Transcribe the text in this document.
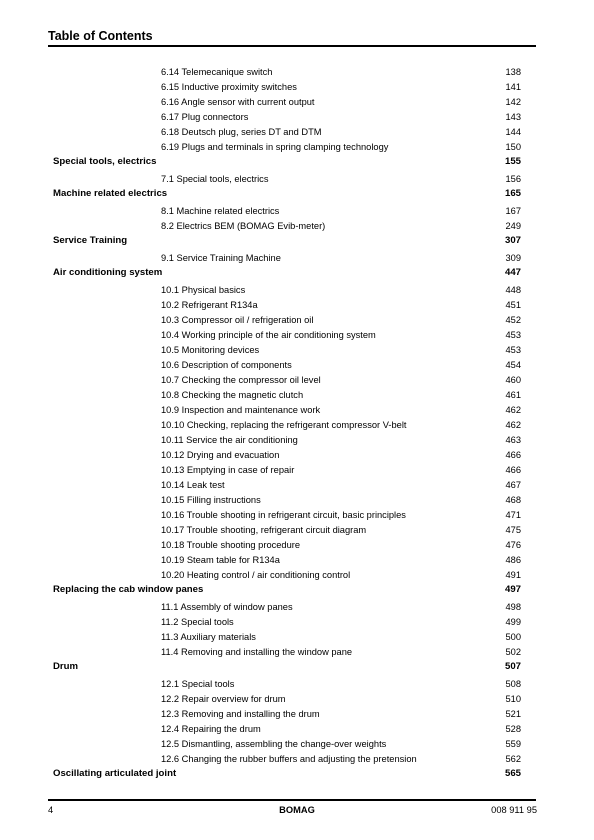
Table of Contents
6.14 Telemecanique switch	138
6.15 Inductive proximity switches	141
6.16 Angle sensor with current output	142
6.17 Plug connectors	143
6.18 Deutsch plug, series DT and DTM	144
6.19 Plugs and terminals in spring clamping technology	150
Special tools, electrics	155
7.1 Special tools, electrics	156
Machine related electrics	165
8.1 Machine related electrics	167
8.2 Electrics BEM (BOMAG Evib-meter)	249
Service Training	307
9.1 Service Training Machine	309
Air conditioning system	447
10.1 Physical basics	448
10.2 Refrigerant R134a	451
10.3 Compressor oil / refrigeration oil	452
10.4 Working principle of the air conditioning system	453
10.5 Monitoring devices	453
10.6 Description of components	454
10.7 Checking the compressor oil level	460
10.8 Checking the magnetic clutch	461
10.9 Inspection and maintenance work	462
10.10 Checking, replacing the refrigerant compressor V-belt	462
10.11 Service the air conditioning	463
10.12 Drying and evacuation	466
10.13 Emptying in case of repair	466
10.14 Leak test	467
10.15 Filling instructions	468
10.16 Trouble shooting in refrigerant circuit, basic principles	471
10.17 Trouble shooting, refrigerant circuit diagram	475
10.18 Trouble shooting procedure	476
10.19 Steam table for R134a	486
10.20 Heating control / air conditioning control	491
Replacing the cab window panes	497
11.1 Assembly of window panes	498
11.2 Special tools	499
11.3 Auxiliary materials	500
11.4 Removing and installing the window pane	502
Drum	507
12.1 Special tools	508
12.2 Repair overview for drum	510
12.3 Removing and installing the drum	521
12.4 Repairing the drum	528
12.5 Dismantling, assembling the change-over weights	559
12.6 Changing the rubber buffers and adjusting the pretension	562
Oscillating articulated joint	565
4	BOMAG	008 911 95
